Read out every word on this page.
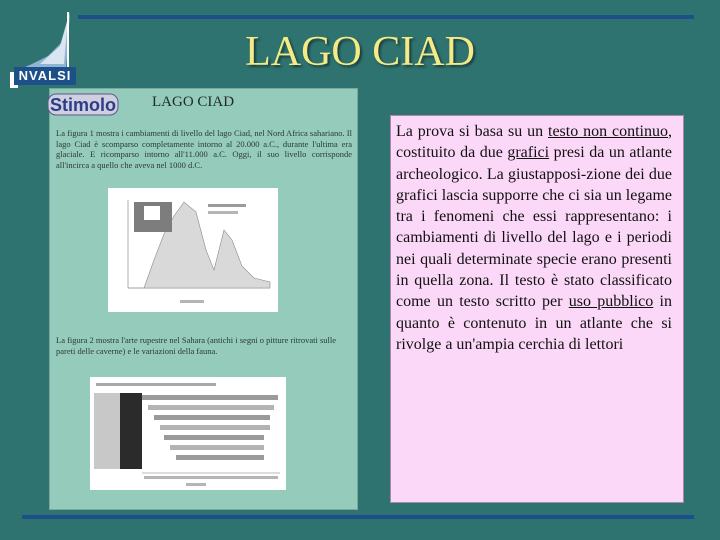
NVALSI
LAGO CIAD
Stimolo LAGO CIAD
La figura 1 mostra i cambiamenti di livello del lago Ciad, nel Nord Africa sahariano. Il lago Ciad è scomparso completamente intorno al 20.000 a.C., durante l'ultima era glaciale. E ricomparso intorno all'11.000 a.C. Oggi, il suo livello corrisponde all'incirca a quello che aveva nel 1000 d.C.
La figura 2 mostra l'arte rupestre nel Sahara (antichi i segni o pitture ritrovati sulle pareti delle caverne) e le variazioni della fauna.
La prova si basa su un testo non continuo, costituito da due grafici presi da un atlante archeologico. La giustapposi-zione dei due grafici lascia supporre che ci sia un legame tra i fenomeni che essi rappresentano: i cambiamenti di livello del lago e i periodi nei quali determinate specie erano presenti in quella zona. Il testo è stato classificato come un testo scritto per uso pubblico in quanto è contenuto in un atlante che si rivolge a un'ampia cerchia di lettori
